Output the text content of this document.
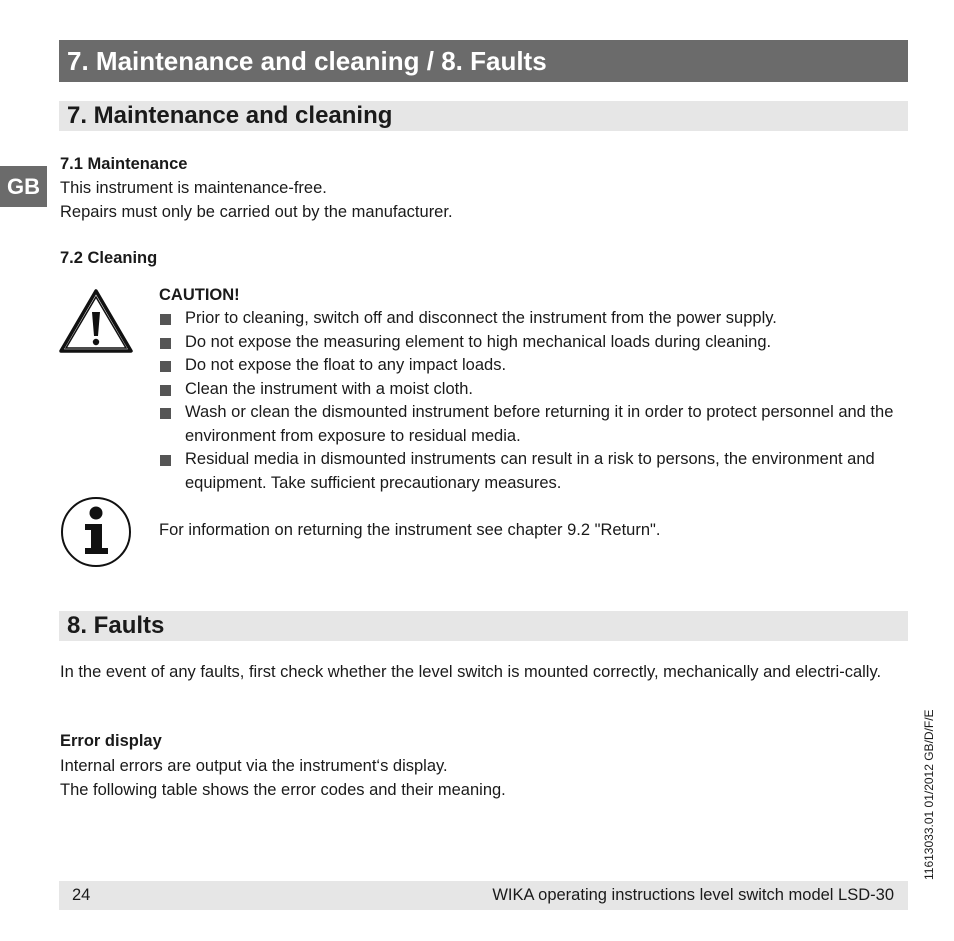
7. Maintenance and cleaning / 8. Faults
7. Maintenance and cleaning
GB
7.1 Maintenance
This instrument is maintenance-free.
Repairs must only be carried out by the manufacturer.
7.2 Cleaning
CAUTION!
Prior to cleaning, switch off and disconnect the instrument from the power supply.
Do not expose the measuring element to high mechanical loads during cleaning.
Do not expose the float to any impact loads.
Clean the instrument with a moist cloth.
Wash or clean the dismounted instrument before returning it in order to protect personnel and the environment from exposure to residual media.
Residual media in dismounted instruments can result in a risk to persons, the environment and equipment. Take sufficient precautionary measures.
For information on returning the instrument see chapter 9.2 "Return".
8. Faults
In the event of any faults, first check whether the level switch is mounted correctly, mechanically and electri-cally.
Error display
Internal errors are output via the instrument‘s display.
The following table shows the error codes and their meaning.	11613033.01 01/2012 GB/D/F/E
24	WIKA operating instructions level switch model LSD-30
